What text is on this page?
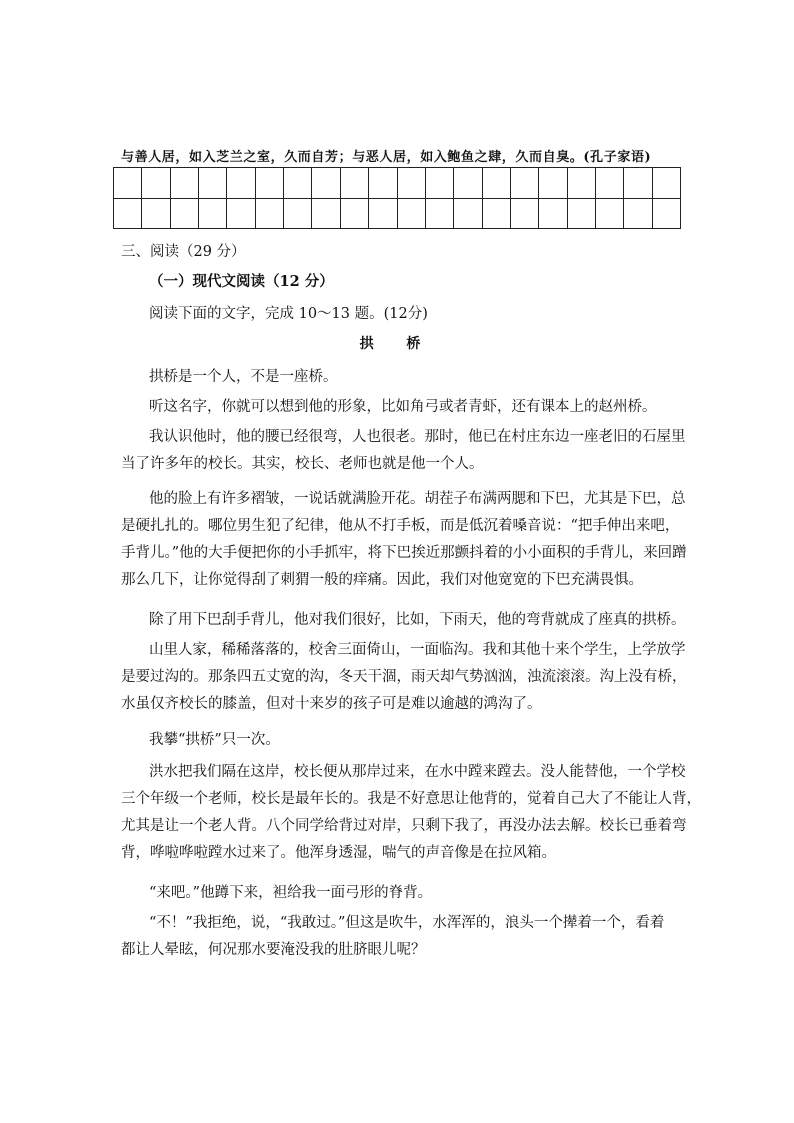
与善人居，如入芝兰之室，久而自芳；与恶人居，如入鲍鱼之肆，久而自臭。(孔子家语)
三、阅读（29 分）
（一）现代文阅读（12 分）
阅读下面的文字，完成 10～13 题。(12分)
拱 桥
拱桥是一个人，不是一座桥。
听这名字，你就可以想到他的形象，比如角弓或者青虾，还有课本上的赵州桥。
我认识他时，他的腰已经很弯，人也很老。那时，他已在村庄东边一座老旧的石屋里
当了许多年的校长。其实，校长、老师也就是他一个人。
他的脸上有许多褶皱，一说话就满脸开花。胡茬子布满两腮和下巴，尤其是下巴，总
是硬扎扎的。哪位男生犯了纪律，他从不打手板，而是低沉着嗓音说：“把手伸出来吧，
手背儿。”他的大手便把你的小手抓牢，将下巴挨近那颤抖着的小小面积的手背儿，来回蹭
那么几下，让你觉得刮了刺猬一般的痒痛。因此，我们对他宽宽的下巴充满畏惧。
除了用下巴刮手背儿，他对我们很好，比如，下雨天，他的弯背就成了座真的拱桥。
山里人家，稀稀落落的，校舍三面倚山，一面临沟。我和其他十来个学生，上学放学
是要过沟的。那条四五丈宽的沟，冬天干涸，雨天却气势汹汹，浊流滚滚。沟上没有桥，
水虽仅齐校长的膝盖，但对十来岁的孩子可是难以逾越的鸿沟了。
我攀“拱桥”只一次。
洪水把我们隔在这岸，校长便从那岸过来，在水中蹚来蹚去。没人能替他，一个学校
三个年级一个老师，校长是最年长的。我是不好意思让他背的，觉着自己大了不能让人背，
尤其是让一个老人背。八个同学给背过对岸，只剩下我了，再没办法去解。校长已垂着弯
背，哗啦哗啦蹚水过来了。他浑身透湿，喘气的声音像是在拉风箱。
“来吧。”他蹲下来，袒给我一面弓形的脊背。
“不！”我拒绝，说，“我敢过。”但这是吹牛，水浑浑的，浪头一个撵着一个，看着
都让人晕眩，何况那水要淹没我的肚脐眼儿呢？
